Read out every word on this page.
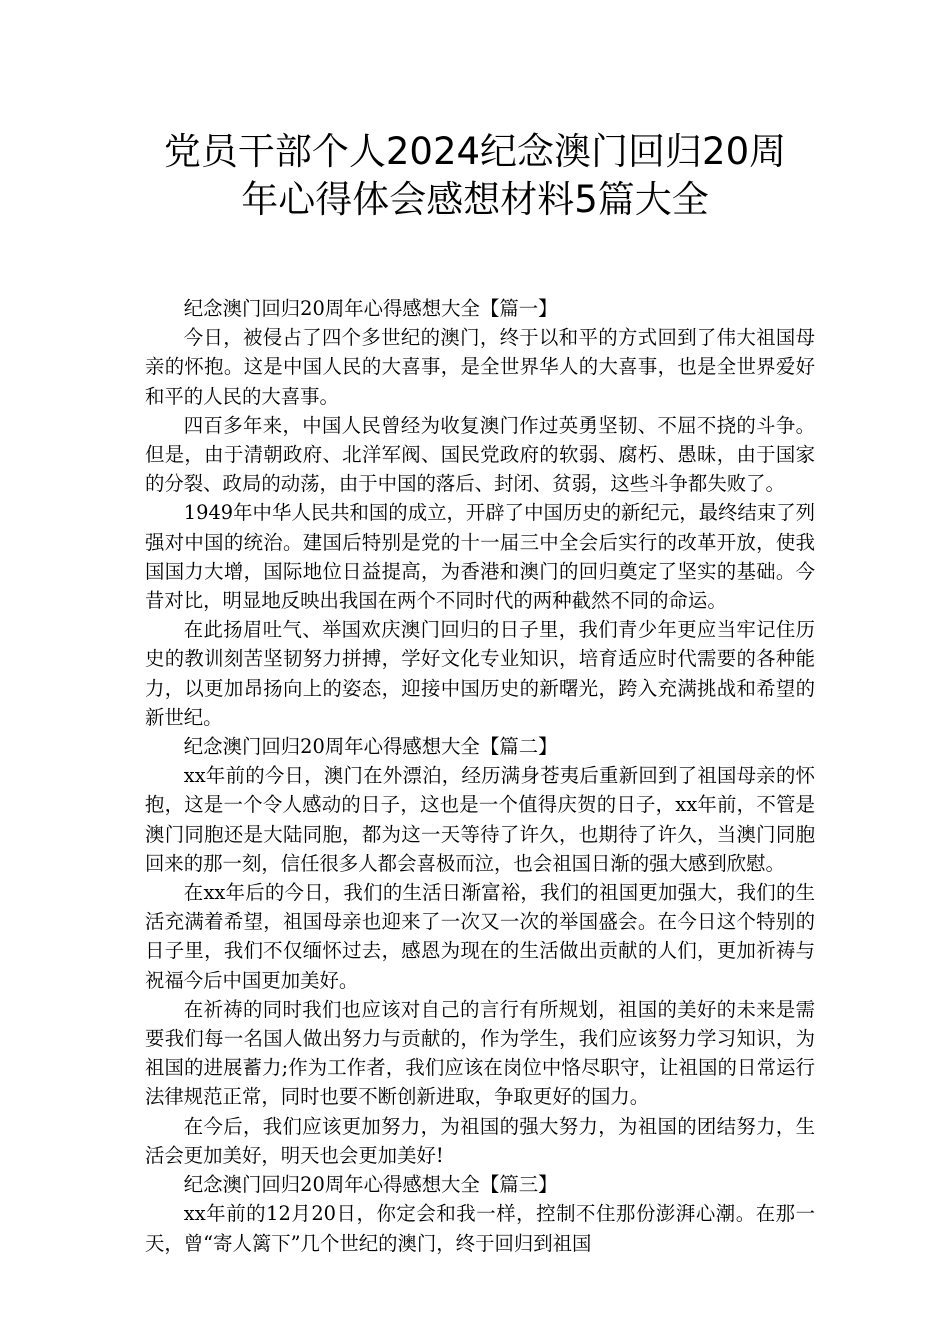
党员干部个人2024纪念澳门回归20周
年心得体会感想材料5篇大全

纪念澳门回归20周年心得感想大全【篇一】

今日，被侵占了四个多世纪的澳门，终于以和平的方式回到了伟大祖国母亲的怀抱。这是中国人民的大喜事，是全世界华人的大喜事，也是全世界爱好和平的人民的大喜事。

四百多年来，中国人民曾经为收复澳门作过英勇坚韧、不屈不挠的斗争。但是，由于清朝政府、北洋军阀、国民党政府的软弱、腐朽、愚昧，由于国家的分裂、政局的动荡，由于中国的落后、封闭、贫弱，这些斗争都失败了。

1949年中华人民共和国的成立，开辟了中国历史的新纪元，最终结束了列强对中国的统治。建国后特别是党的十一届三中全会后实行的改革开放，使我国国力大增，国际地位日益提高，为香港和澳门的回归奠定了坚实的基础。今昔对比，明显地反映出我国在两个不同时代的两种截然不同的命运。

在此扬眉吐气、举国欢庆澳门回归的日子里，我们青少年更应当牢记住历史的教训刻苦坚韧努力拼搏，学好文化专业知识，培育适应时代需要的各种能力，以更加昂扬向上的姿态，迎接中国历史的新曙光，跨入充满挑战和希望的新世纪。

纪念澳门回归20周年心得感想大全【篇二】

xx年前的今日，澳门在外漂泊，经历满身苍夷后重新回到了祖国母亲的怀抱，这是一个令人感动的日子，这也是一个值得庆贺的日子，xx年前，不管是澳门同胞还是大陆同胞，都为这一天等待了许久，也期待了许久，当澳门同胞回来的那一刻，信任很多人都会喜极而泣，也会祖国日渐的强大感到欣慰。

在xx年后的今日，我们的生活日渐富裕，我们的祖国更加强大，我们的生活充满着希望，祖国母亲也迎来了一次又一次的举国盛会。在今日这个特别的日子里，我们不仅缅怀过去，感恩为现在的生活做出贡献的人们，更加祈祷与祝福今后中国更加美好。

在祈祷的同时我们也应该对自己的言行有所规划，祖国的美好的未来是需要我们每一名国人做出努力与贡献的，作为学生，我们应该努力学习知识，为祖国的进展蓄力;作为工作者，我们应该在岗位中恪尽职守，让祖国的日常运行法律规范正常，同时也要不断创新进取，争取更好的国力。

在今后，我们应该更加努力，为祖国的强大努力，为祖国的团结努力，生活会更加美好，明天也会更加美好!

纪念澳门回归20周年心得感想大全【篇三】

xx年前的12月20日，你定会和我一样，控制不住那份澎湃心潮。在那一天，曾“寄人篱下”几个世纪的澳门，终于回归到祖国
